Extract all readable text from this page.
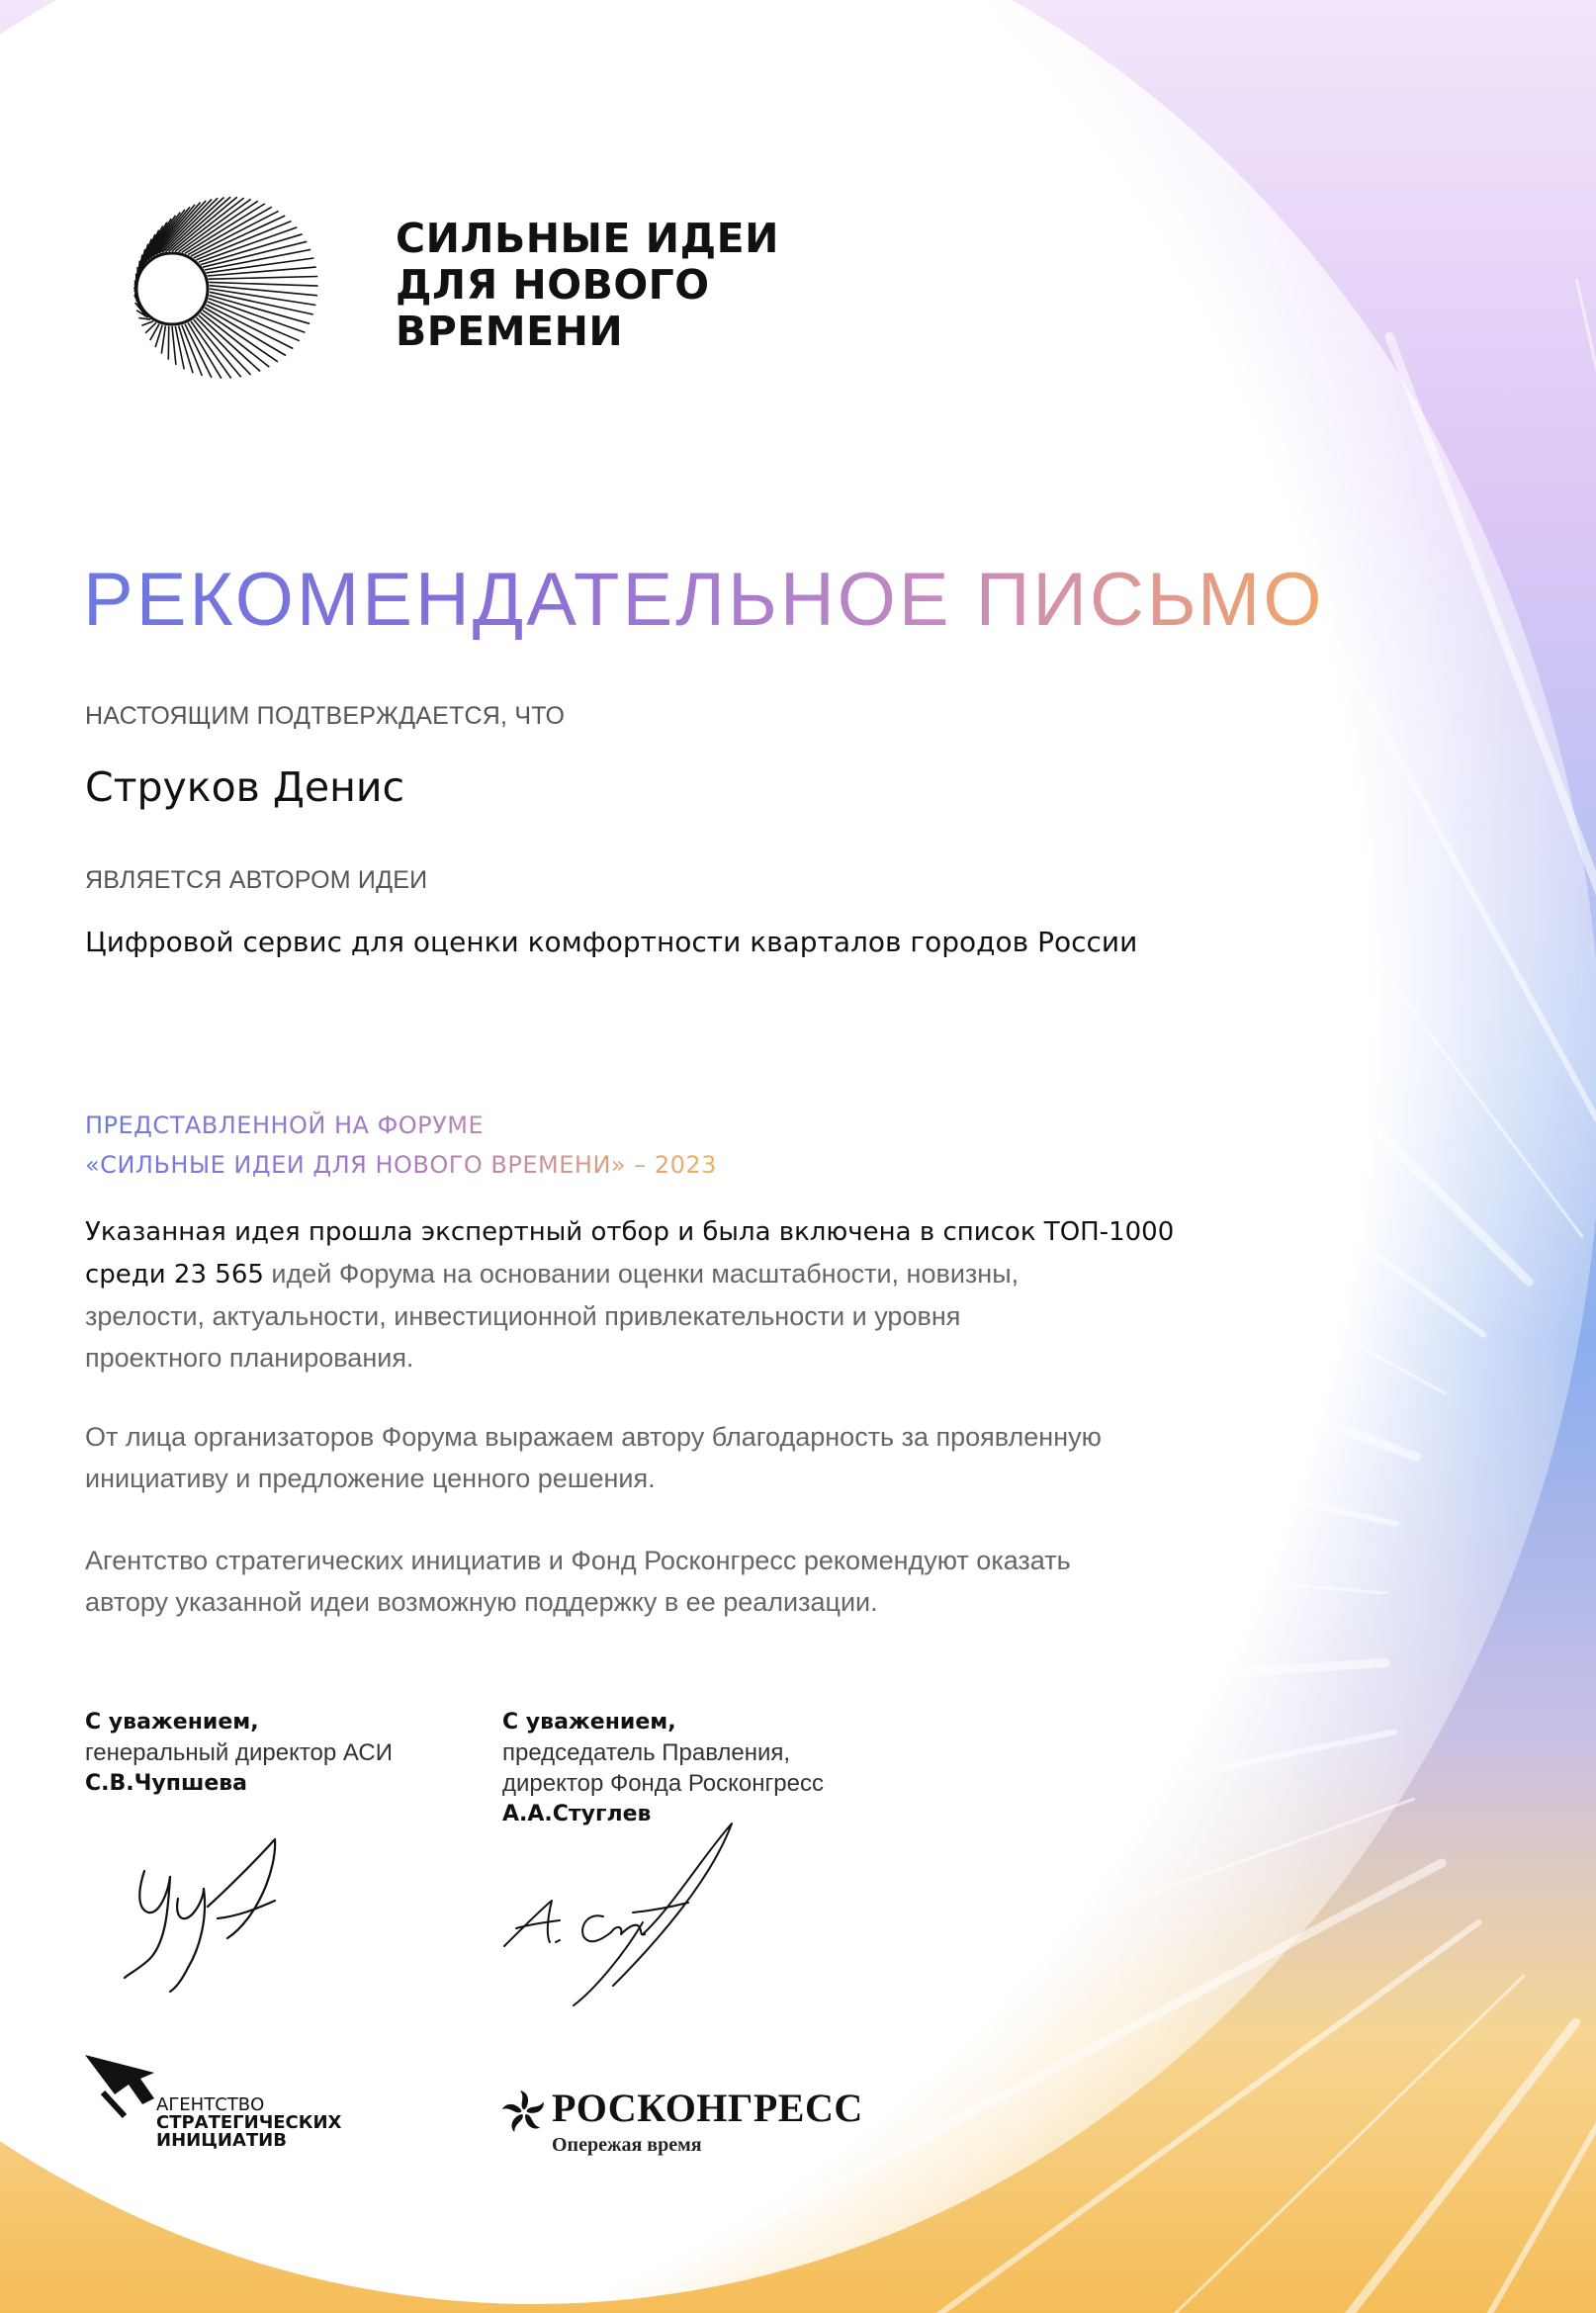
СИЛЬНЫЕ ИДЕИ
ДЛЯ НОВОГО
ВРЕМЕНИ
РЕКОМЕНДАТЕЛЬНОЕ ПИСЬМО
НАСТОЯЩИМ ПОДТВЕРЖДАЕТСЯ, ЧТО
Струков Денис
ЯВЛЯЕТСЯ АВТОРОМ ИДЕИ
Цифровой сервис для оценки комфортности кварталов городов России
ПРЕДСТАВЛЕННОЙ НА ФОРУМЕ
«СИЛЬНЫЕ ИДЕИ ДЛЯ НОВОГО ВРЕМЕНИ» – 2023
Указанная идея прошла экспертный отбор и была включена в список ТОП-1000
среди 23 565 идей Форума на основании оценки масштабности, новизны,
зрелости, актуальности, инвестиционной привлекательности и уровня
проектного планирования.
От лица организаторов Форума выражаем автору благодарность за проявленную
инициативу и предложение ценного решения.
Агентство стратегических инициатив и Фонд Росконгресс рекомендуют оказать
автору указанной идеи возможную поддержку в ее реализации.
С уважением,
генеральный директор АСИ
С.В.Чупшева
С уважением,
председатель Правления,
директор Фонда Росконгресс
А.А.Стуглев
АГЕНТСТВО
СТРАТЕГИЧЕСКИХ
ИНИЦИАТИВ
РОСКОНГРЕСС
Опережая время
